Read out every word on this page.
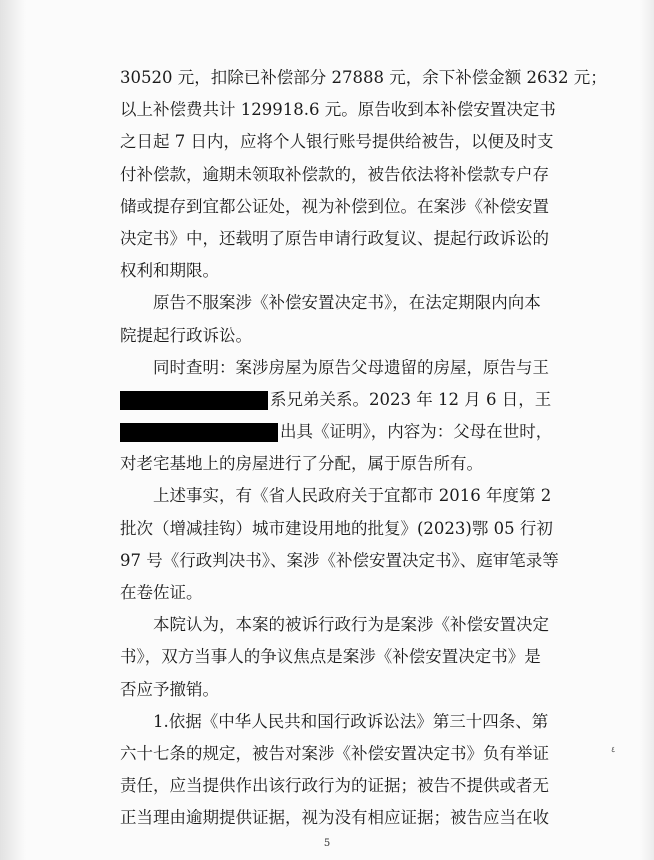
30520 元，扣除已补偿部分 27888 元，余下补偿金额 2632 元；
以上补偿费共计 129918.6 元。原告收到本补偿安置决定书
之日起 7 日内，应将个人银行账号提供给被告，以便及时支
付补偿款，逾期未领取补偿款的，被告依法将补偿款专户存
储或提存到宜都公证处，视为补偿到位。在案涉《补偿安置
决定书》中，还载明了原告申请行政复议、提起行政诉讼的
权利和期限。
原告不服案涉《补偿安置决定书》，在法定期限内向本
院提起行政诉讼。
同时查明：案涉房屋为原告父母遗留的房屋，原告与王
系兄弟关系。2023 年 12 月 6 日，王
出具《证明》，内容为：父母在世时，
对老宅基地上的房屋进行了分配，属于原告所有。
上述事实，有《省人民政府关于宜都市 2016 年度第 2
批次（增减挂钩）城市建设用地的批复》(2023)鄂 05 行初
97 号《行政判决书》、案涉《补偿安置决定书》、庭审笔录等
在卷佐证。
本院认为，本案的被诉行政行为是案涉《补偿安置决定
书》，双方当事人的争议焦点是案涉《补偿安置决定书》是
否应予撤销。
1.依据《中华人民共和国行政诉讼法》第三十四条、第
六十七条的规定，被告对案涉《补偿安置决定书》负有举证
责任，应当提供作出该行政行为的证据；被告不提供或者无
正当理由逾期提供证据，视为没有相应证据；被告应当在收
٤
5
